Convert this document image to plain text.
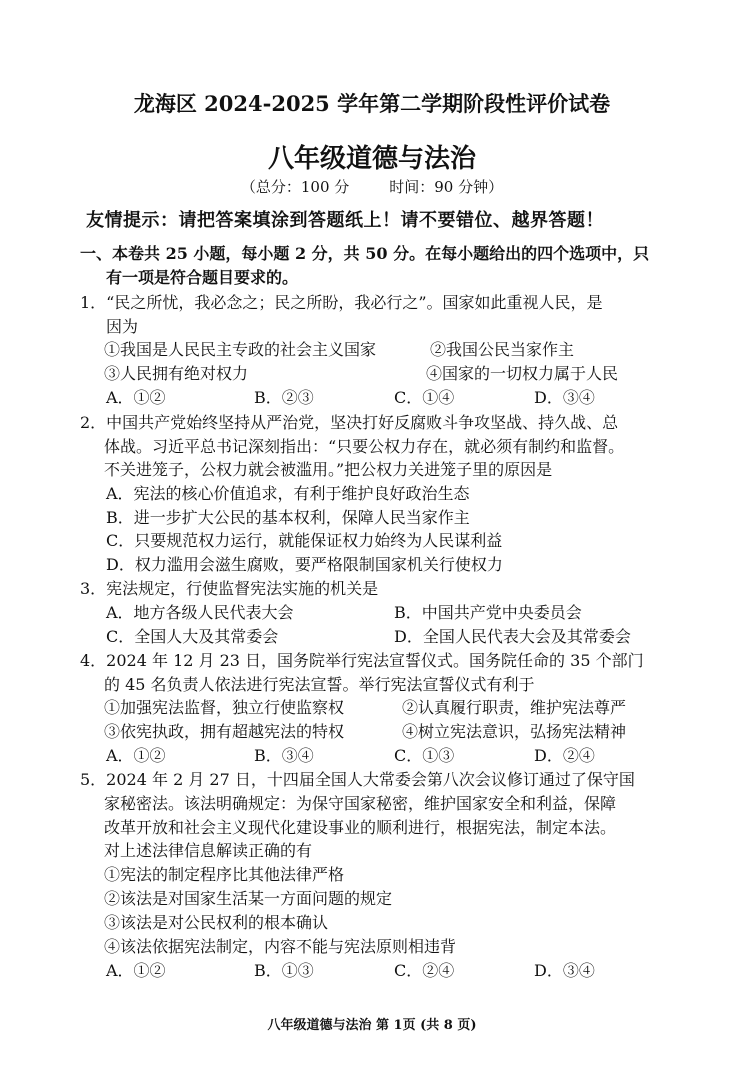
龙海区 2024-2025 学年第二学期阶段性评价试卷
八年级道德与法治
（总分：100 分	时间：90 分钟）
友情提示：请把答案填涂到答题纸上！请不要错位、越界答题！
一、本卷共 25 小题，每小题 2 分，共 50 分。在每小题给出的四个选项中，只
有一项是符合题目要求的。
1．“民之所忧，我必念之；民之所盼，我必行之”。国家如此重视人民，是
因为
①我国是人民民主专政的社会主义国家	②我国公民当家作主
③人民拥有绝对权力	④国家的一切权力属于人民
A．①②	B．②③	C．①④	D．③④
2．中国共产党始终坚持从严治党，坚决打好反腐败斗争攻坚战、持久战、总
体战。习近平总书记深刻指出：“只要公权力存在，就必须有制约和监督。
不关进笼子，公权力就会被滥用。”把公权力关进笼子里的原因是
A．宪法的核心价值追求，有利于维护良好政治生态
B．进一步扩大公民的基本权利，保障人民当家作主
C．只要规范权力运行，就能保证权力始终为人民谋利益
D．权力滥用会滋生腐败，要严格限制国家机关行使权力
3．宪法规定，行使监督宪法实施的机关是
A．地方各级人民代表大会	B．中国共产党中央委员会
C．全国人大及其常委会	D．全国人民代表大会及其常委会
4．2024 年 12 月 23 日，国务院举行宪法宣誓仪式。国务院任命的 35 个部门
的 45 名负责人依法进行宪法宣誓。举行宪法宣誓仪式有利于
①加强宪法监督，独立行使监察权	②认真履行职责，维护宪法尊严
③依宪执政，拥有超越宪法的特权	④树立宪法意识，弘扬宪法精神
A．①②	B．③④	C．①③	D．②④
5．2024 年 2 月 27 日，十四届全国人大常委会第八次会议修订通过了保守国
家秘密法。该法明确规定：为保守国家秘密，维护国家安全和利益，保障
改革开放和社会主义现代化建设事业的顺利进行，根据宪法，制定本法。
对上述法律信息解读正确的有
①宪法的制定程序比其他法律严格
②该法是对国家生活某一方面问题的规定
③该法是对公民权利的根本确认
④该法依据宪法制定，内容不能与宪法原则相违背
A．①②	B．①③	C．②④	D．③④
八年级道德与法治 第 1页 (共 8 页)
